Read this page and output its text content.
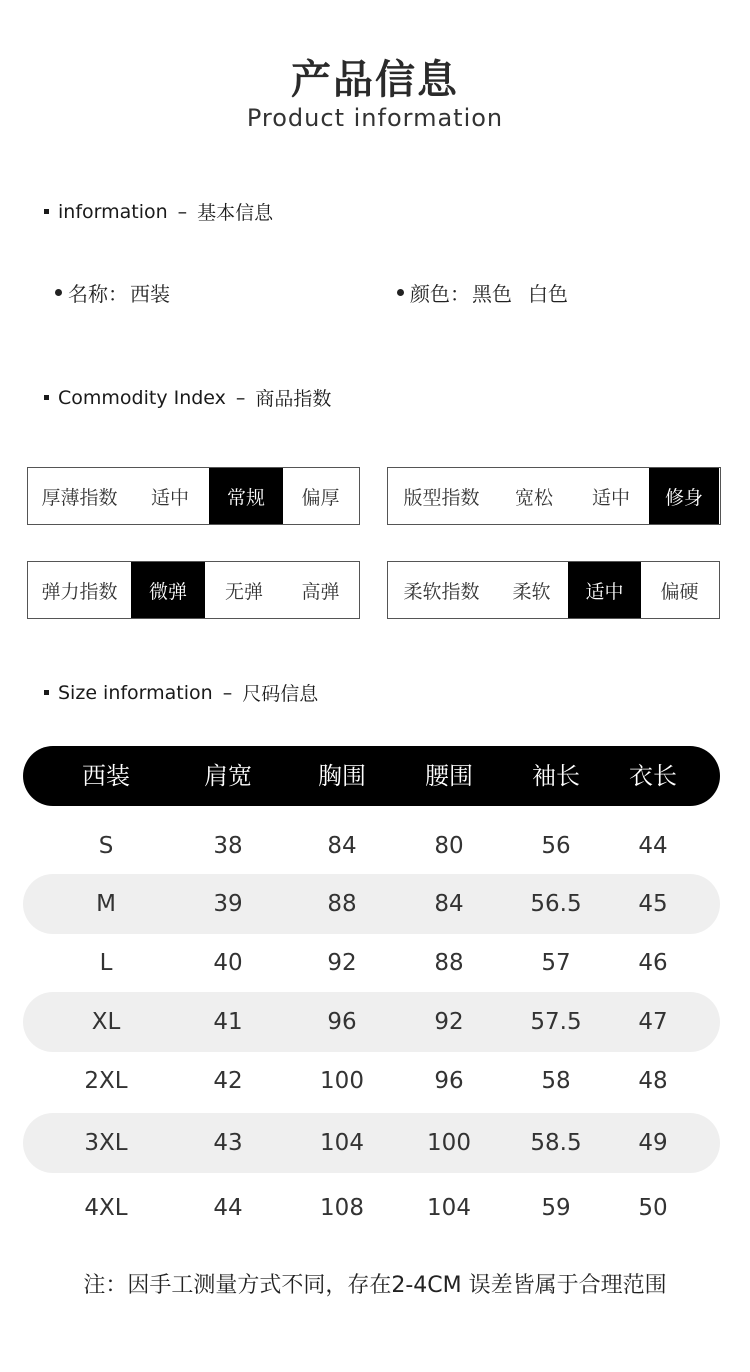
产品信息
Product information
information – 基本信息
名称： 西装	颜色： 黑色 白色
Commodity Index – 商品指数
厚薄指数	适中	常规	偏厚	版型指数	宽松	适中	修身
弹力指数	微弹	无弹	高弹	柔软指数	柔软	适中	偏硬
Size information – 尺码信息
西装	肩宽	胸围	腰围	袖长	衣长
S	38	84	80	56	44
M	39	88	84	56.5	45
L	40	92	88	57	46
XL	41	96	92	57.5	47
2XL	42	100	96	58	48
3XL	43	104	100	58.5	49
4XL	44	108	104	59	50
注：因手工测量方式不同，存在2-4CM 误差皆属于合理范围
